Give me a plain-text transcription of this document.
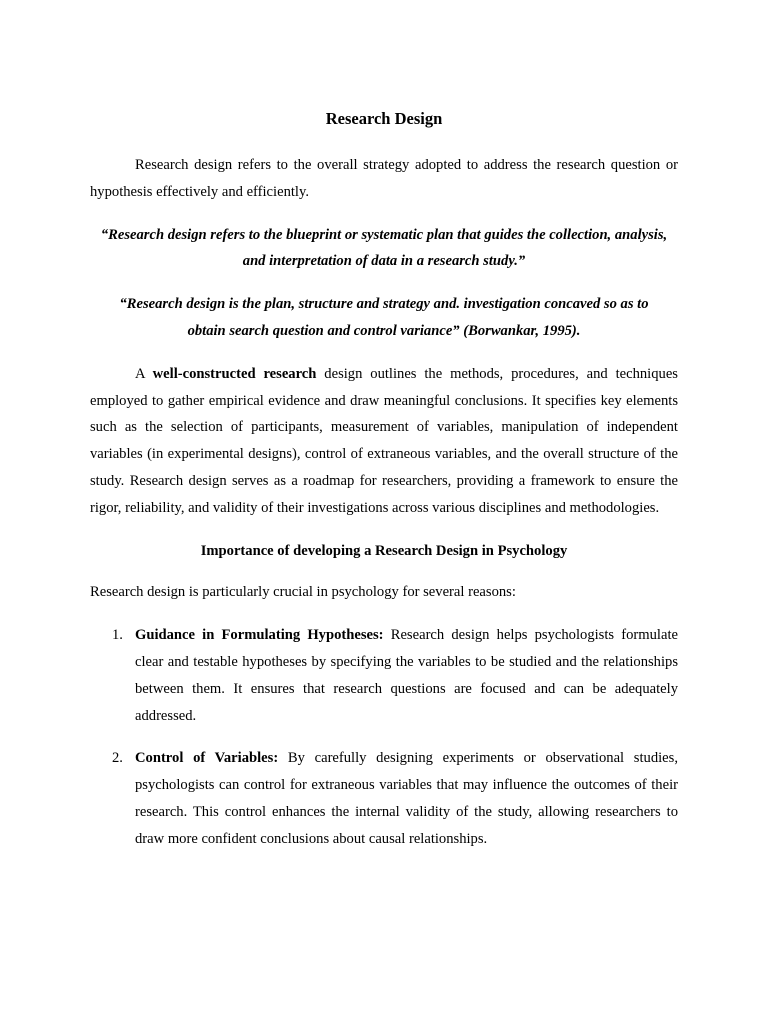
Research Design

Research design refers to the overall strategy adopted to address the research question or hypothesis effectively and efficiently.

“Research design refers to the blueprint or systematic plan that guides the collection, analysis, and interpretation of data in a research study.”

“Research design is the plan, structure and strategy and. investigation concaved so as to obtain search question and control variance” (Borwankar, 1995).

A well-constructed research design outlines the methods, procedures, and techniques employed to gather empirical evidence and draw meaningful conclusions. It specifies key elements such as the selection of participants, measurement of variables, manipulation of independent variables (in experimental designs), control of extraneous variables, and the overall structure of the study. Research design serves as a roadmap for researchers, providing a framework to ensure the rigor, reliability, and validity of their investigations across various disciplines and methodologies.

Importance of developing a Research Design in Psychology

Research design is particularly crucial in psychology for several reasons:

1. Guidance in Formulating Hypotheses: Research design helps psychologists formulate clear and testable hypotheses by specifying the variables to be studied and the relationships between them. It ensures that research questions are focused and can be adequately addressed.
2. Control of Variables: By carefully designing experiments or observational studies, psychologists can control for extraneous variables that may influence the outcomes of their research. This control enhances the internal validity of the study, allowing researchers to draw more confident conclusions about causal relationships.
